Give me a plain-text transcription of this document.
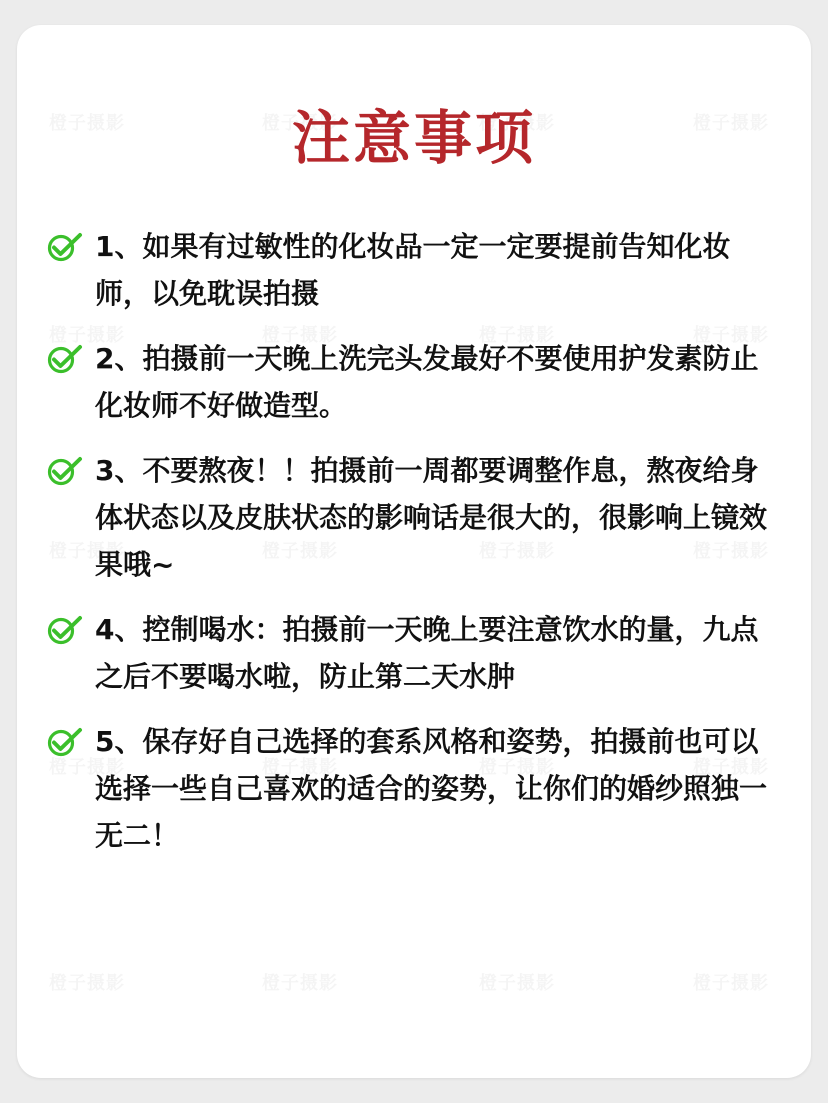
注意事项
1、如果有过敏性的化妆品一定一定要提前告知化妆师，以免耽误拍摄
2、拍摄前一天晚上洗完头发最好不要使用护发素防止化妆师不好做造型。
3、不要熬夜！！拍摄前一周都要调整作息，熬夜给身体状态以及皮肤状态的影响话是很大的，很影响上镜效果哦~
4、控制喝水：拍摄前一天晚上要注意饮水的量，九点之后不要喝水啦，防止第二天水肿
5、保存好自己选择的套系风格和姿势，拍摄前也可以选择一些自己喜欢的适合的姿势，让你们的婚纱照独一无二！
